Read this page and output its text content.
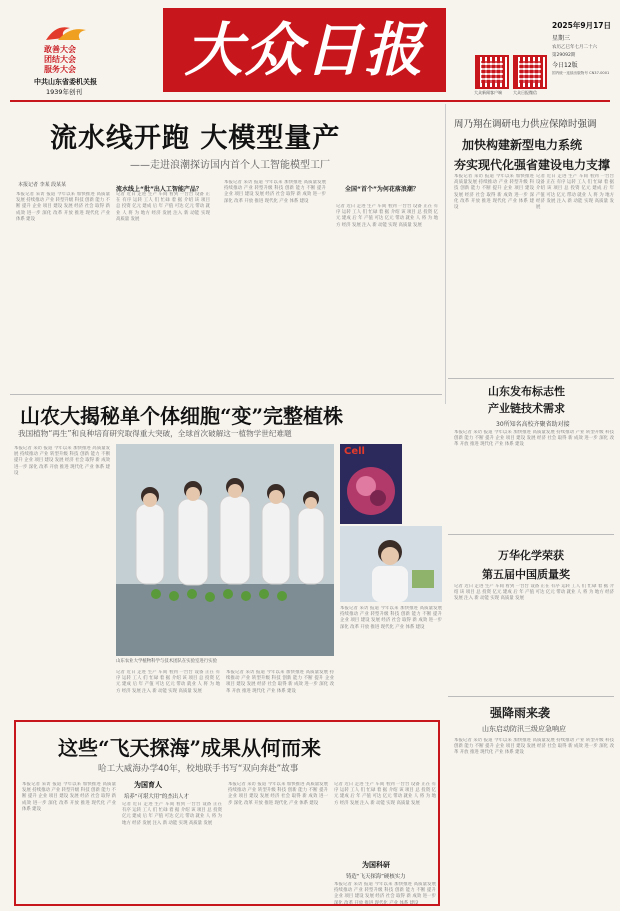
敢善大会
团结大会
服务大会
中共山东省委机关报
1939年创刊
大众日报	2025年9月17日
星期三
农历乙巳年七月二十六
第29092期
今日12版
国内统一连续出版物号 CN37-0001
大众新闻客户端	大众日报微信
流水线开跑 大模型量产
——走进浪潮探访国内首个人工智能模型工厂
本报记者 李某 段某某
本报记者 采访 报道 今年以来 加快推进 高质量发展 持续推动 产业 转型升级 科技 创新 能力 不断 提升 企业 项目 建设 发展 经济 社会 取得 新 成效 进一步 深化 改革 开放 推进 现代化 产业 体系 建设
记者 近日 走进 生产 车间 看到 一台台 设备 正在 有序 运转 工人 们 忙碌 着 据 介绍 该 项目 总 投资 亿元 建成 后 年 产值 可达 亿元 带动 就业 人 将 为 地方 经济 发展 注入 新 动能 实现 高质量 发展
流水线上“批”出人工智能产品？
本报记者 采访 报道 今年以来 加快推进 高质量发展 持续推动 产业 转型升级 科技 创新 能力 不断 提升 企业 项目 建设 发展 经济 社会 取得 新 成效 进一步 深化 改革 开放 推进 现代化 产业 体系 建设
记者 近日 走进 生产 车间 看到 一台台 设备 正在 有序 运转 工人 们 忙碌 着 据 介绍 该 项目 总 投资 亿元 建成 后 年 产值 可达 亿元 带动 就业 人 将 为 地方 经济 发展 注入 新 动能 实现 高质量 发展	全国“首个”为何花落浪潮？
周乃翔在调研电力供应保障时强调
加快构建新型电力系统
夯实现代化强省建设电力支撑
本报记者 采访 报道 今年以来 加快推进 高质量发展 持续推动 产业 转型升级 科技 创新 能力 不断 提升 企业 项目 建设 发展 经济 社会 取得 新 成效 进一步 深化 改革 开放 推进 现代化 产业 体系 建设
记者 近日 走进 生产 车间 看到 一台台 设备 正在 有序 运转 工人 们 忙碌 着 据 介绍 该 项目 总 投资 亿元 建成 后 年 产值 可达 亿元 带动 就业 人 将 为 地方 经济 发展 注入 新 动能 实现 高质量 发展
山东发布标志性
产业链技术需求
30所知名高校齐聚省助对接
本报记者 采访 报道 今年以来 加快推进 高质量发展 持续推动 产业 转型升级 科技 创新 能力 不断 提升 企业 项目 建设 发展 经济 社会 取得 新 成效 进一步 深化 改革 开放 推进 现代化 产业 体系 建设
万华化学荣获
第五届中国质量奖
记者 近日 走进 生产 车间 看到 一台台 设备 正在 有序 运转 工人 们 忙碌 着 据 介绍 该 项目 总 投资 亿元 建成 后 年 产值 可达 亿元 带动 就业 人 将 为 地方 经济 发展 注入 新 动能 实现 高质量 发展
强降雨来袭
山东启动防汛三级应急响应
本报记者 采访 报道 今年以来 加快推进 高质量发展 持续推动 产业 转型升级 科技 创新 能力 不断 提升 企业 项目 建设 发展 经济 社会 取得 新 成效 进一步 深化 改革 开放 推进 现代化 产业 体系 建设
山农大揭秘单个体细胞“变”完整植株
我国植物“再生”和良种培育研究取得重大突破，全球首次破解这一植物学世纪难题
本报记者 采访 报道 今年以来 加快推进 高质量发展 持续推动 产业 转型升级 科技 创新 能力 不断 提升 企业 项目 建设 发展 经济 社会 取得 新 成效 进一步 深化 改革 开放 推进 现代化 产业 体系 建设
山东农业大学植物科学与技术团队在实验室进行实验
记者 近日 走进 生产 车间 看到 一台台 设备 正在 有序 运转 工人 们 忙碌 着 据 介绍 该 项目 总 投资 亿元 建成 后 年 产值 可达 亿元 带动 就业 人 将 为 地方 经济 发展 注入 新 动能 实现 高质量 发展
本报记者 采访 报道 今年以来 加快推进 高质量发展 持续推动 产业 转型升级 科技 创新 能力 不断 提升 企业 项目 建设 发展 经济 社会 取得 新 成效 进一步 深化 改革 开放 推进 现代化 产业 体系 建设
Cell
本报记者 采访 报道 今年以来 加快推进 高质量发展 持续推动 产业 转型升级 科技 创新 能力 不断 提升 企业 项目 建设 发展 经济 社会 取得 新 成效 进一步 深化 改革 开放 推进 现代化 产业 体系 建设
这些“飞天探海”成果从何而来
哈工大威海办学40年，校地联手书写“双向奔赴”故事
本报记者 采访 报道 今年以来 加快推进 高质量发展 持续推动 产业 转型升级 科技 创新 能力 不断 提升 企业 项目 建设 发展 经济 社会 取得 新 成效 进一步 深化 改革 开放 推进 现代化 产业 体系 建设
为国育人
培养“可堪大用”的杰出人才
记者 近日 走进 生产 车间 看到 一台台 设备 正在 有序 运转 工人 们 忙碌 着 据 介绍 该 项目 总 投资 亿元 建成 后 年 产值 可达 亿元 带动 就业 人 将 为 地方 经济 发展 注入 新 动能 实现 高质量 发展
本报记者 采访 报道 今年以来 加快推进 高质量发展 持续推动 产业 转型升级 科技 创新 能力 不断 提升 企业 项目 建设 发展 经济 社会 取得 新 成效 进一步 深化 改革 开放 推进 现代化 产业 体系 建设
记者 近日 走进 生产 车间 看到 一台台 设备 正在 有序 运转 工人 们 忙碌 着 据 介绍 该 项目 总 投资 亿元 建成 后 年 产值 可达 亿元 带动 就业 人 将 为 地方 经济 发展 注入 新 动能 实现 高质量 发展
为国科研
铸造“飞天探海”硬核实力
本报记者 采访 报道 今年以来 加快推进 高质量发展 持续推动 产业 转型升级 科技 创新 能力 不断 提升 企业 项目 建设 发展 经济 社会 取得 新 成效 进一步 深化 改革 开放 推进 现代化 产业 体系 建设
